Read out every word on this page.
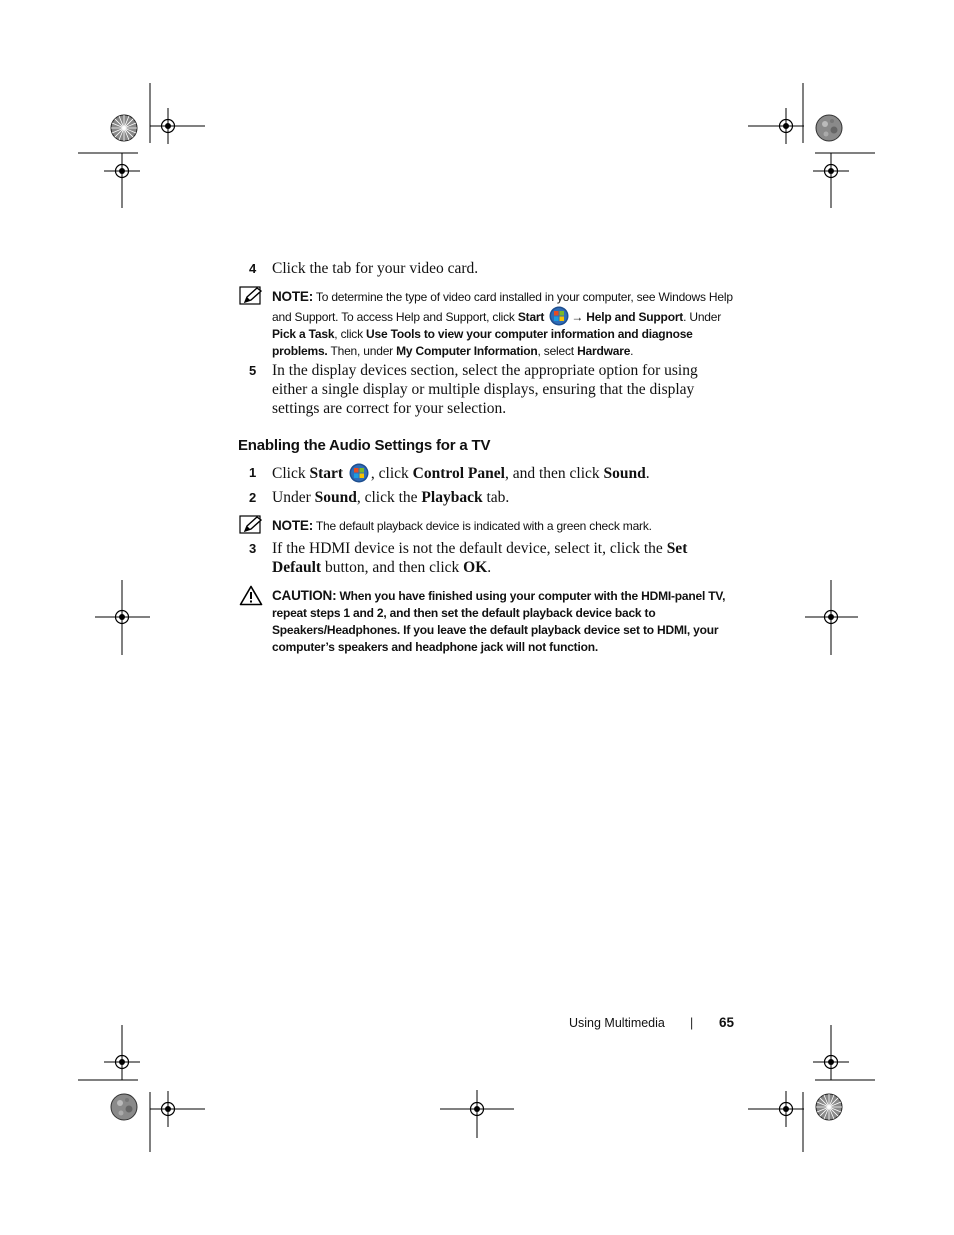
4 Click the tab for your video card.
NOTE: To determine the type of video card installed in your computer, see Windows Help and Support. To access Help and Support, click Start → Help and Support. Under Pick a Task, click Use Tools to view your computer information and diagnose problems. Then, under My Computer Information, select Hardware.
5 In the display devices section, select the appropriate option for using either a single display or multiple displays, ensuring that the display settings are correct for your selection.
Enabling the Audio Settings for a TV
1 Click Start , click Control Panel, and then click Sound.
2 Under Sound, click the Playback tab.
NOTE: The default playback device is indicated with a green check mark.
3 If the HDMI device is not the default device, select it, click the Set Default button, and then click OK.
CAUTION: When you have finished using your computer with the HDMI-panel TV, repeat steps 1 and 2, and then set the default playback device back to Speakers/Headphones. If you leave the default playback device set to HDMI, your computer’s speakers and headphone jack will not function.
Using Multimedia | 65
